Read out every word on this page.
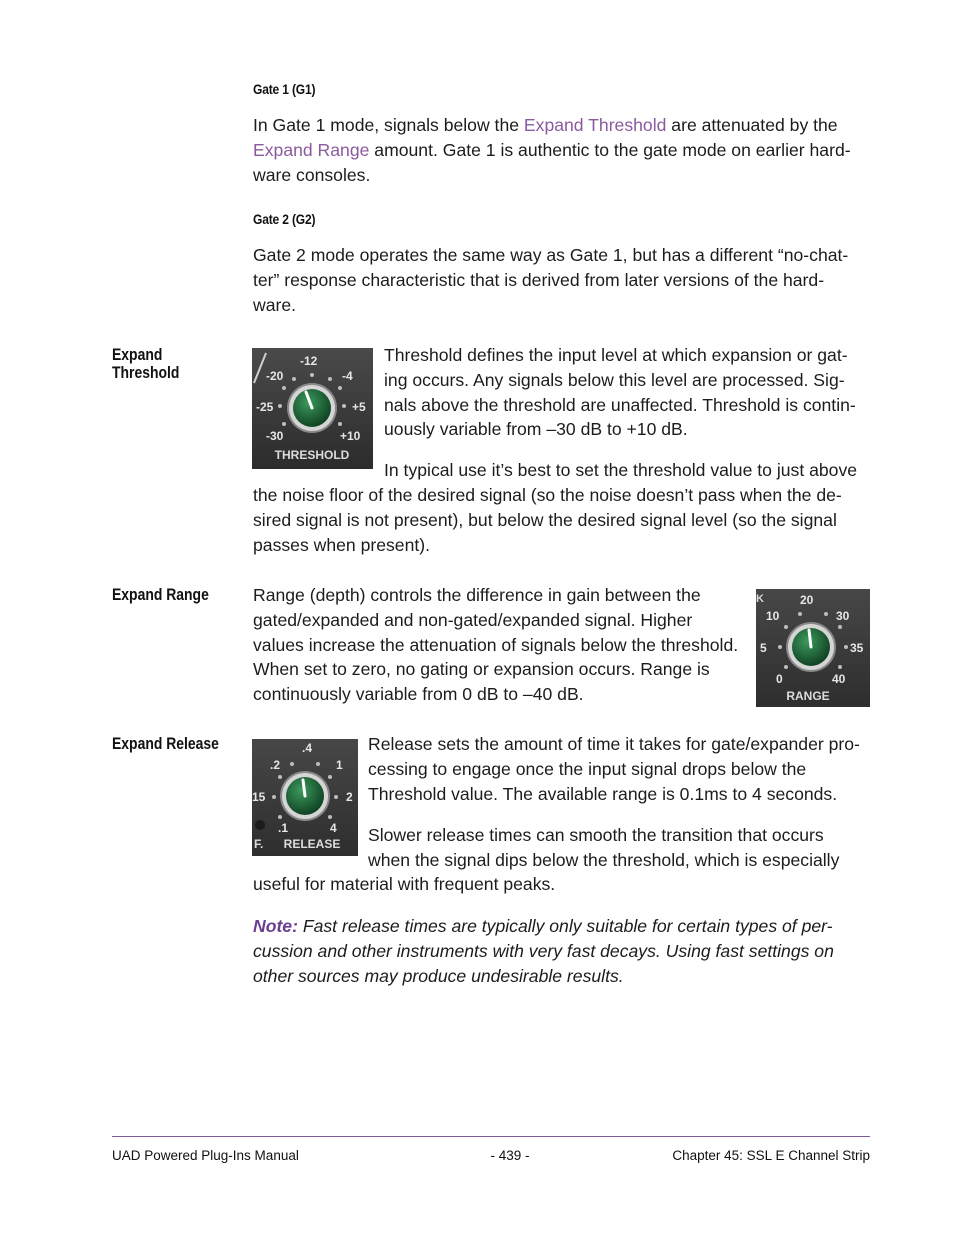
Gate 1 (G1)

In Gate 1 mode, signals below the Expand Threshold are attenuated by the

Expand Range amount. Gate 1 is authentic to the gate mode on earlier hard-

ware consoles.

Gate 2 (G2)

Gate 2 mode operates the same way as Gate 1, but has a different “no-chat-

ter” response characteristic that is derived from later versions of the hard-

ware.

Expand
Threshold
-12
-20	-4
-25	+5
-30	+10
THRESHOLD

Threshold defines the input level at which expansion or gat-

ing occurs. Any signals below this level are processed. Sig-

nals above the threshold are unaffected. Threshold is contin-

uously variable from –30 dB to +10 dB.

In typical use it’s best to set the threshold value to just above

the noise floor of the desired signal (so the noise doesn’t pass when the de-

sired signal is not present), but below the desired signal level (so the signal

passes when present).

Expand Range	Range (depth) controls the difference in gain between the

gated/expanded and non-gated/expanded signal. Higher

values increase the attenuation of signals below the threshold.

When set to zero, no gating or expansion occurs. Range is

continuously variable from 0 dB to –40 dB.

K	20
10	30
5	35
0	40
RANGE
Expand Release	.4
.2	1
15	2
.1	4
F. RELEASE

Release sets the amount of time it takes for gate/expander pro-

cessing to engage once the input signal drops below the

Threshold value. The available range is 0.1ms to 4 seconds.

Slower release times can smooth the transition that occurs

when the signal dips below the threshold, which is especially

useful for material with frequent peaks.

Note: Fast release times are typically only suitable for certain types of per-

cussion and other instruments with very fast decays. Using fast settings on

other sources may produce undesirable results.

UAD Powered Plug-Ins Manual	- 439 -	Chapter 45: SSL E Channel Strip
